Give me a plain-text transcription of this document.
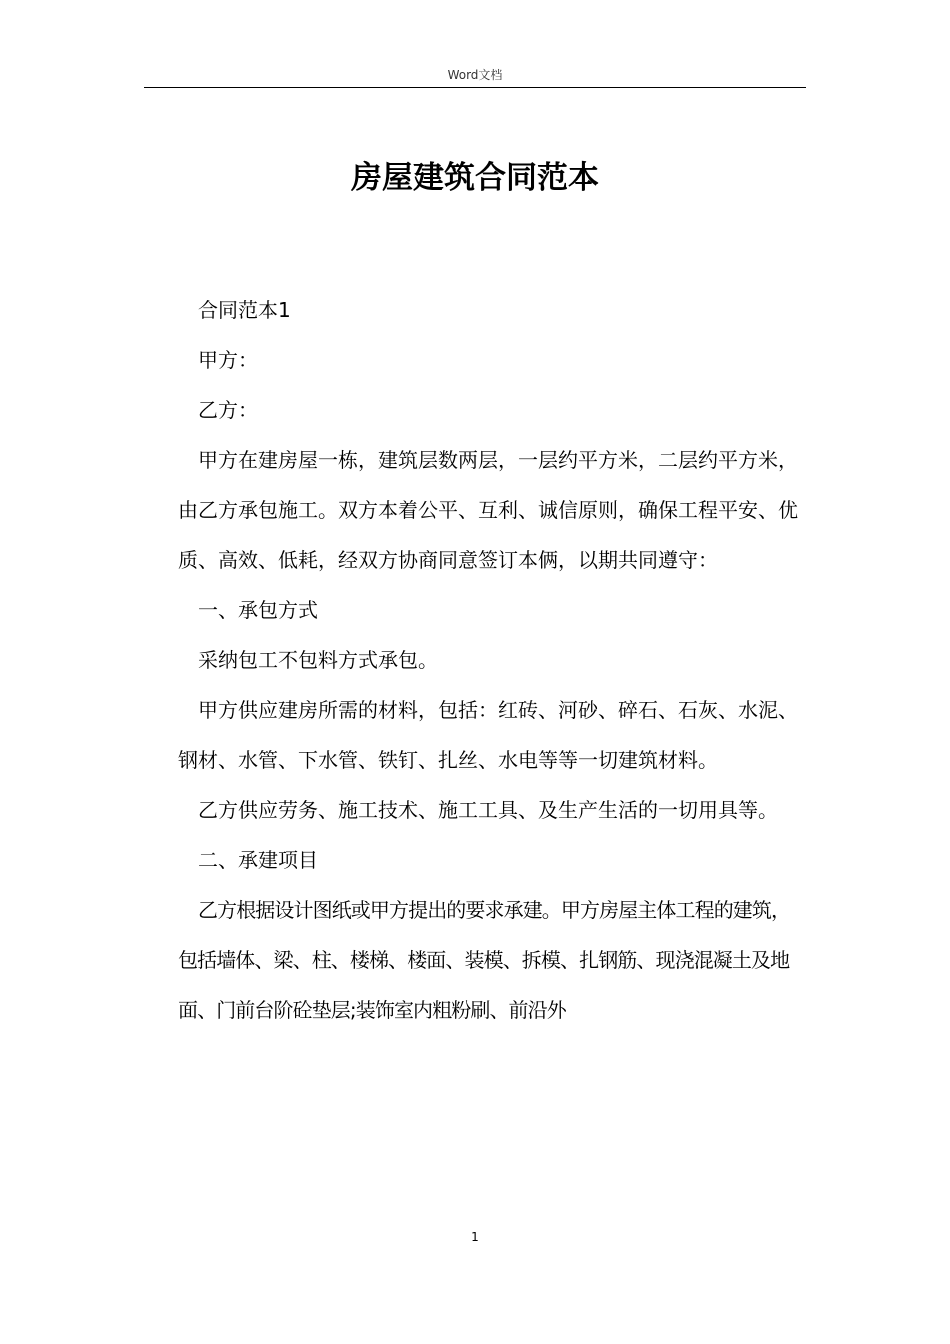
Word文档
房屋建筑合同范本

合同范本1

甲方：

乙方：

甲方在建房屋一栋，建筑层数两层，一层约平方米，二层约平方米，由乙方承包施工。双方本着公平、互利、诚信原则，确保工程平安、优质、高效、低耗，经双方协商同意签订本俩，以期共同遵守：

一、承包方式

采纳包工不包料方式承包。

甲方供应建房所需的材料，包括：红砖、河砂、碎石、石灰、水泥、钢材、水管、下水管、铁钉、扎丝、水电等等一切建筑材料。

乙方供应劳务、施工技术、施工工具、及生产生活的一切用具等。

二、承建项目

乙方根据设计图纸或甲方提出的要求承建。甲方房屋主体工程的建筑，包括墙体、梁、柱、楼梯、楼面、装模、拆模、扎钢筋、现浇混凝土及地面、门前台阶砼垫层;装饰室内粗粉刷、前沿外

1
